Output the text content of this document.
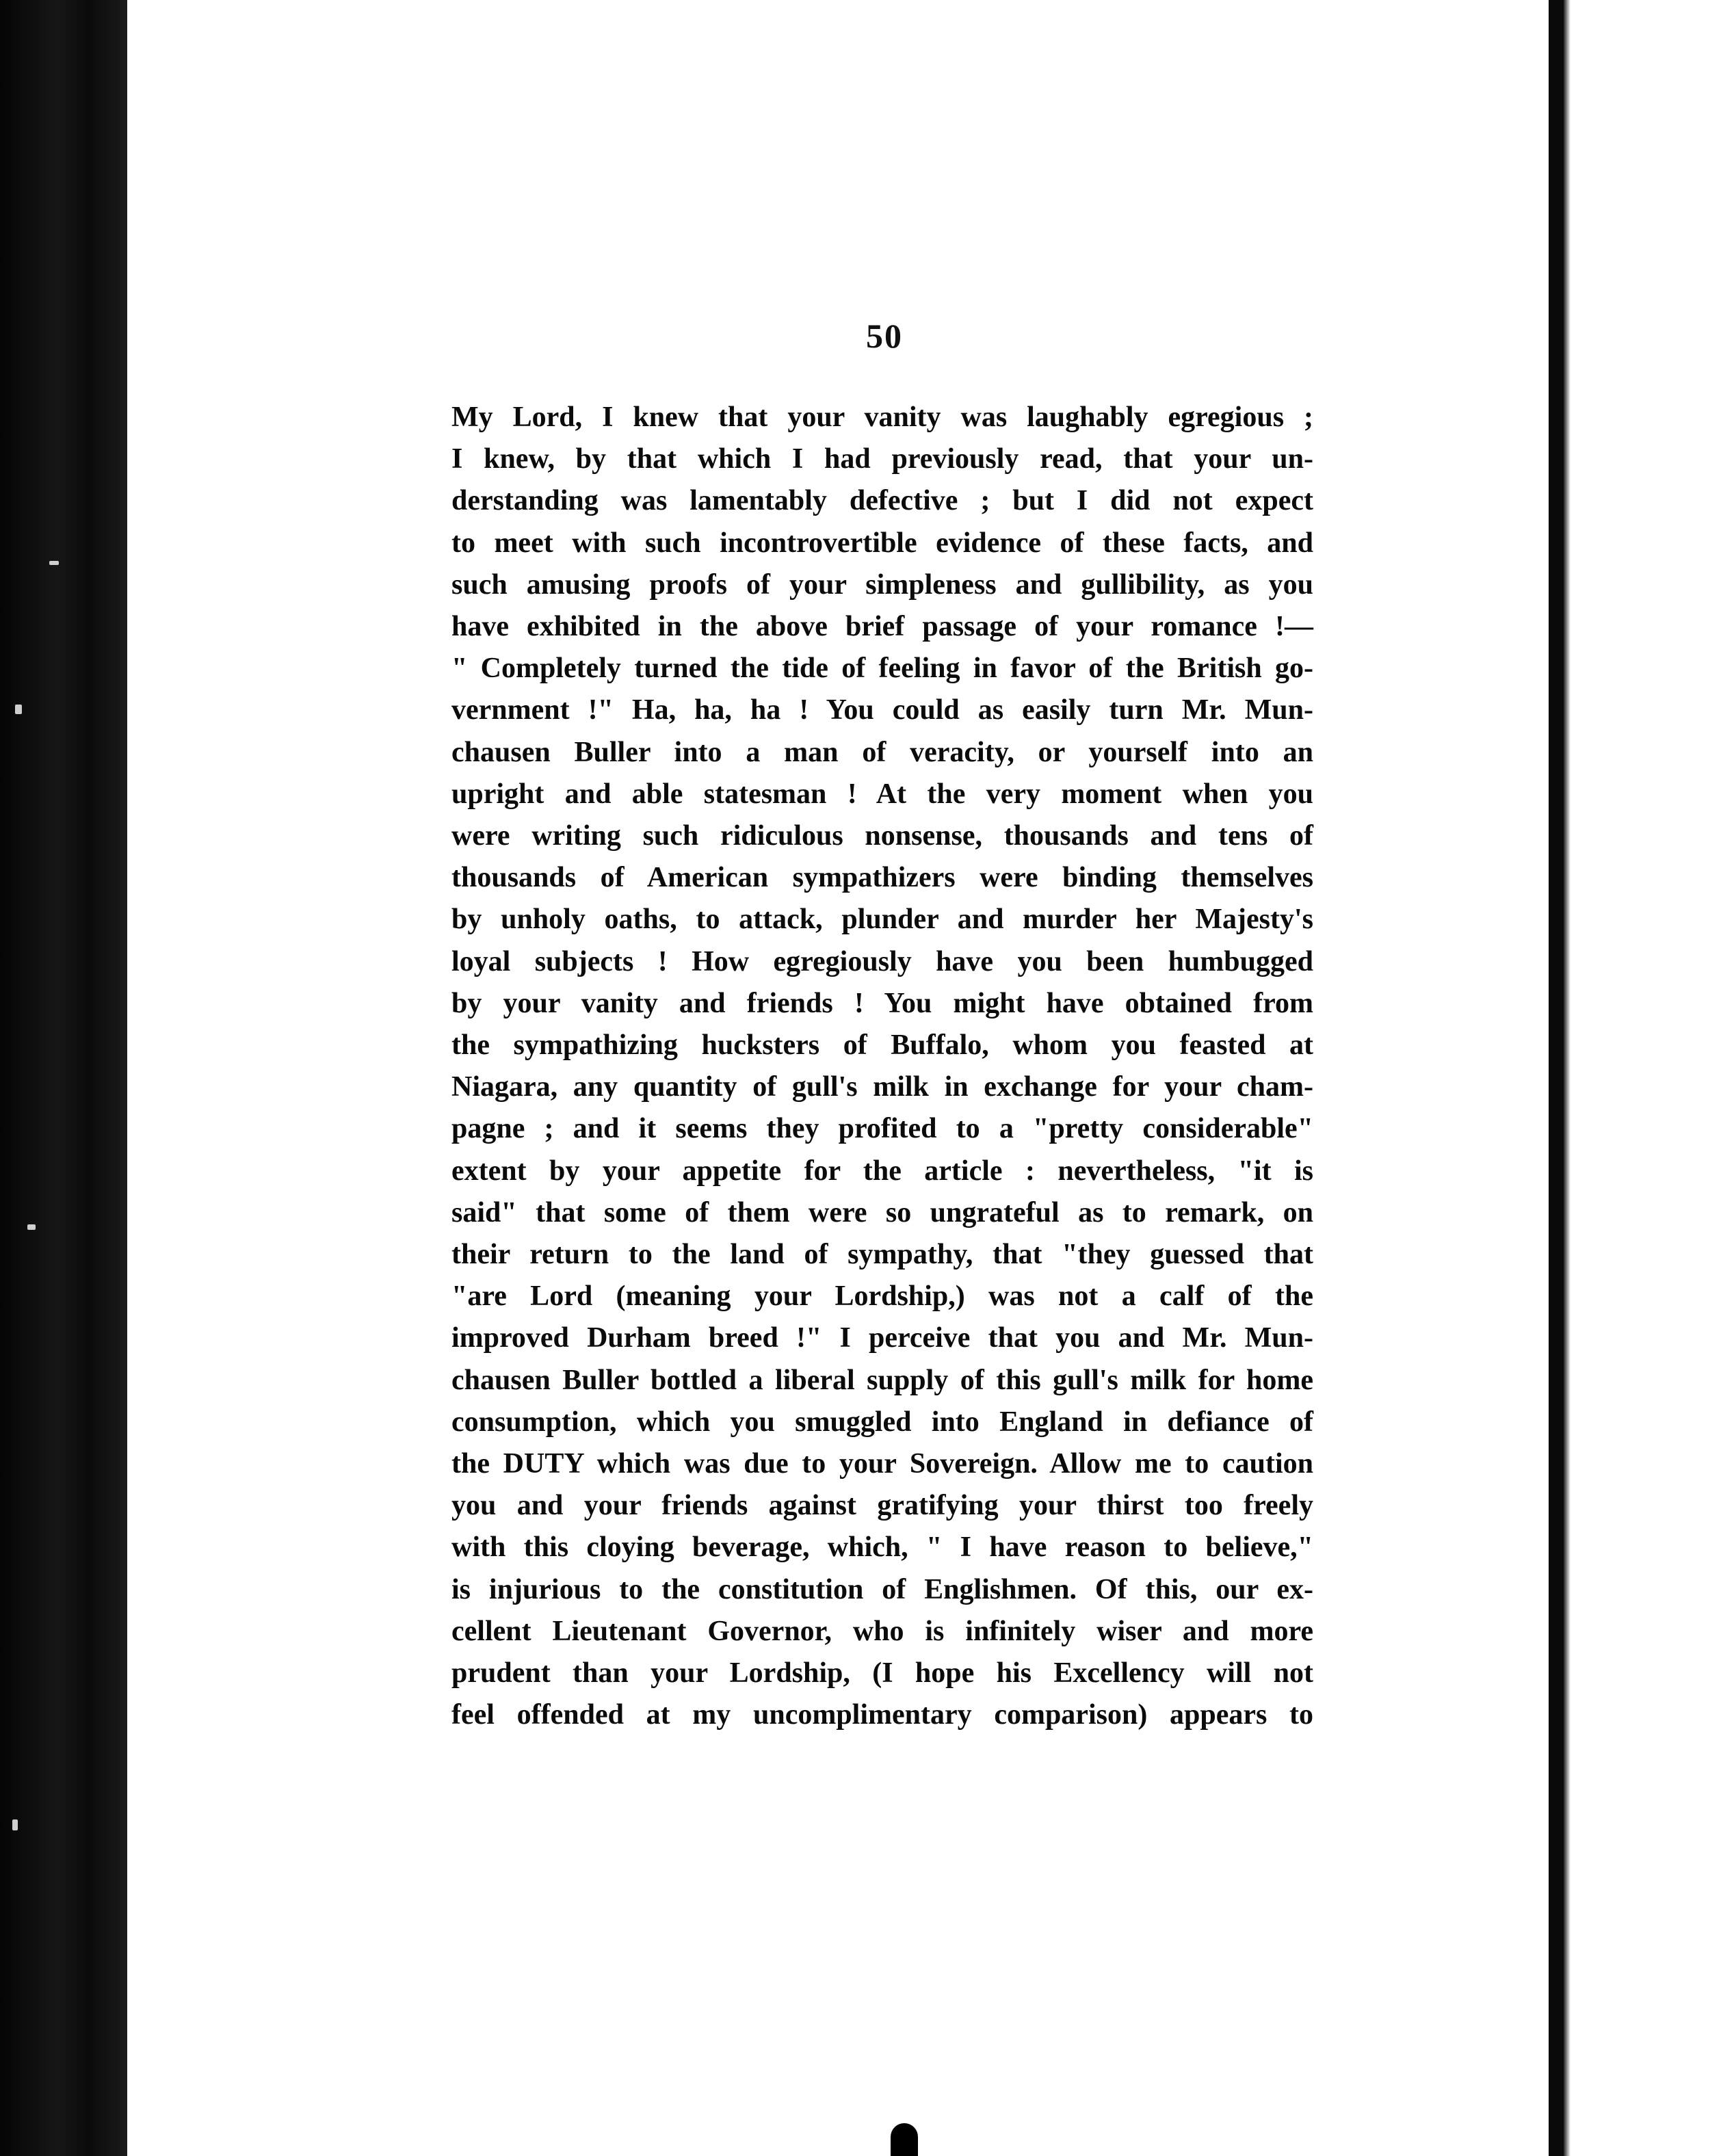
50
My Lord, I knew that your vanity was laughably egregious ;
I knew, by that which I had previously read, that your un-
derstanding was lamentably defective ; but I did not expect
to meet with such incontrovertible evidence of these facts, and
such amusing proofs of your simpleness and gullibility, as you
have exhibited in the above brief passage of your romance !—
" Completely turned the tide of feeling in favor of the British go-
vernment !" Ha, ha, ha ! You could as easily turn Mr. Mun-
chausen Buller into a man of veracity, or yourself into an
upright and able statesman ! At the very moment when you
were writing such ridiculous nonsense, thousands and tens of
thousands of American sympathizers were binding themselves
by unholy oaths, to attack, plunder and murder her Majesty's
loyal subjects ! How egregiously have you been humbugged
by your vanity and friends ! You might have obtained from
the sympathizing hucksters of Buffalo, whom you feasted at
Niagara, any quantity of gull's milk in exchange for your cham-
pagne ; and it seems they profited to a "pretty considerable"
extent by your appetite for the article : nevertheless, "it is
said" that some of them were so ungrateful as to remark, on
their return to the land of sympathy, that "they guessed that
"are Lord (meaning your Lordship,) was not a calf of the
improved Durham breed !" I perceive that you and Mr. Mun-
chausen Buller bottled a liberal supply of this gull's milk for home
consumption, which you smuggled into England in defiance of
the DUTY which was due to your Sovereign. Allow me to caution
you and your friends against gratifying your thirst too freely
with this cloying beverage, which, " I have reason to believe,"
is injurious to the constitution of Englishmen. Of this, our ex-
cellent Lieutenant Governor, who is infinitely wiser and more
prudent than your Lordship, (I hope his Excellency will not
feel offended at my uncomplimentary comparison) appears to
